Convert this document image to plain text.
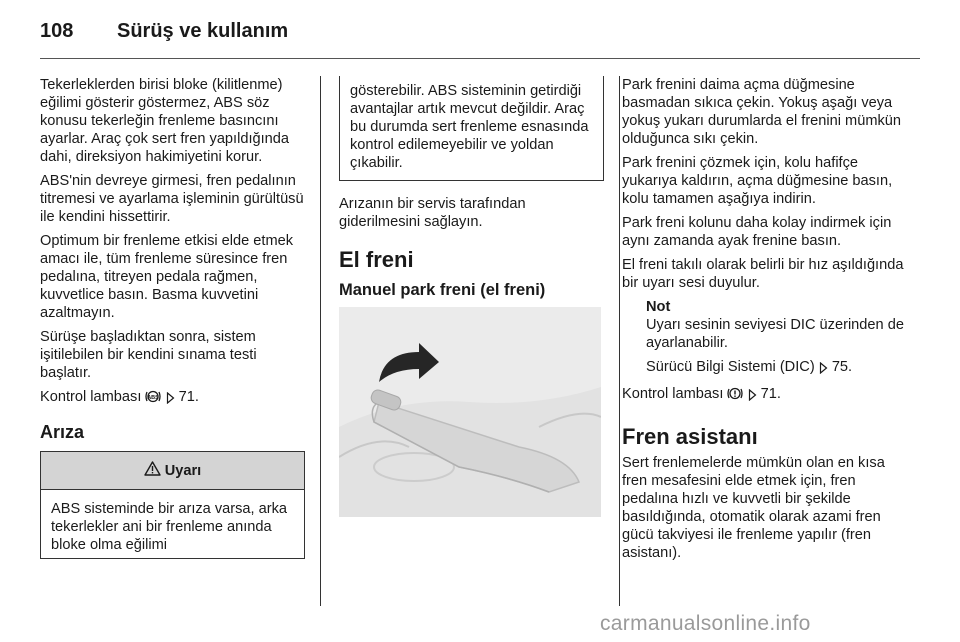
108 Sürüş ve kullanım

Tekerleklerden birisi bloke (kilitlenme) eğilimi gösterir göstermez, ABS söz konusu tekerleğin frenleme basıncını ayarlar. Araç çok sert fren yapıldığında dahi, direksiyon hakimiyetini korur.

ABS'nin devreye girmesi, fren pedalının titremesi ve ayarlama işleminin gürültüsü ile kendini hissettirir.

Optimum bir frenleme etkisi elde etmek amacı ile, tüm frenleme süresince fren pedalına, titreyen pedala rağmen, kuvvetlice basın. Basma kuvvetini azaltmayın.

Sürüşe başladıktan sonra, sistem işitilebilen bir kendini sınama testi başlatır.

Kontrol lambası ABS 71.

Arıza
Uyarı

ABS sisteminde bir arıza varsa, arka tekerlekler ani bir frenleme anında bloke olma eğilimi

gösterebilir. ABS sisteminin getirdiği avantajlar artık mevcut değildir. Araç bu durumda sert frenleme esnasında kontrol edilemeyebilir ve yoldan çıkabilir.

Arızanın bir servis tarafından giderilmesini sağlayın.

El freni
Manuel park freni (el freni)

Park frenini daima açma düğmesine basmadan sıkıca çekin. Yokuş aşağı veya yokuş yukarı durumlarda el frenini mümkün olduğunca sıkı çekin.

Park frenini çözmek için, kolu hafifçe yukarıya kaldırın, açma düğmesine basın, kolu tamamen aşağıya indirin.

Park freni kolunu daha kolay indirmek için aynı zamanda ayak frenine basın.

El freni takılı olarak belirli bir hız aşıldığında bir uyarı sesi duyulur.

Not

Uyarı sesinin seviyesi DIC üzerinden de ayarlanabilir.

Sürücü Bilgi Sistemi (DIC) 75.

Kontrol lambası	71.

Fren asistanı

Sert frenlemelerde mümkün olan en kısa fren mesafesini elde etmek için, fren pedalına hızlı ve kuvvetli bir şekilde basıldığında, otomatik olarak azami fren gücü takviyesi ile frenleme yapılır (fren asistanı).

carmanualsonline.info
